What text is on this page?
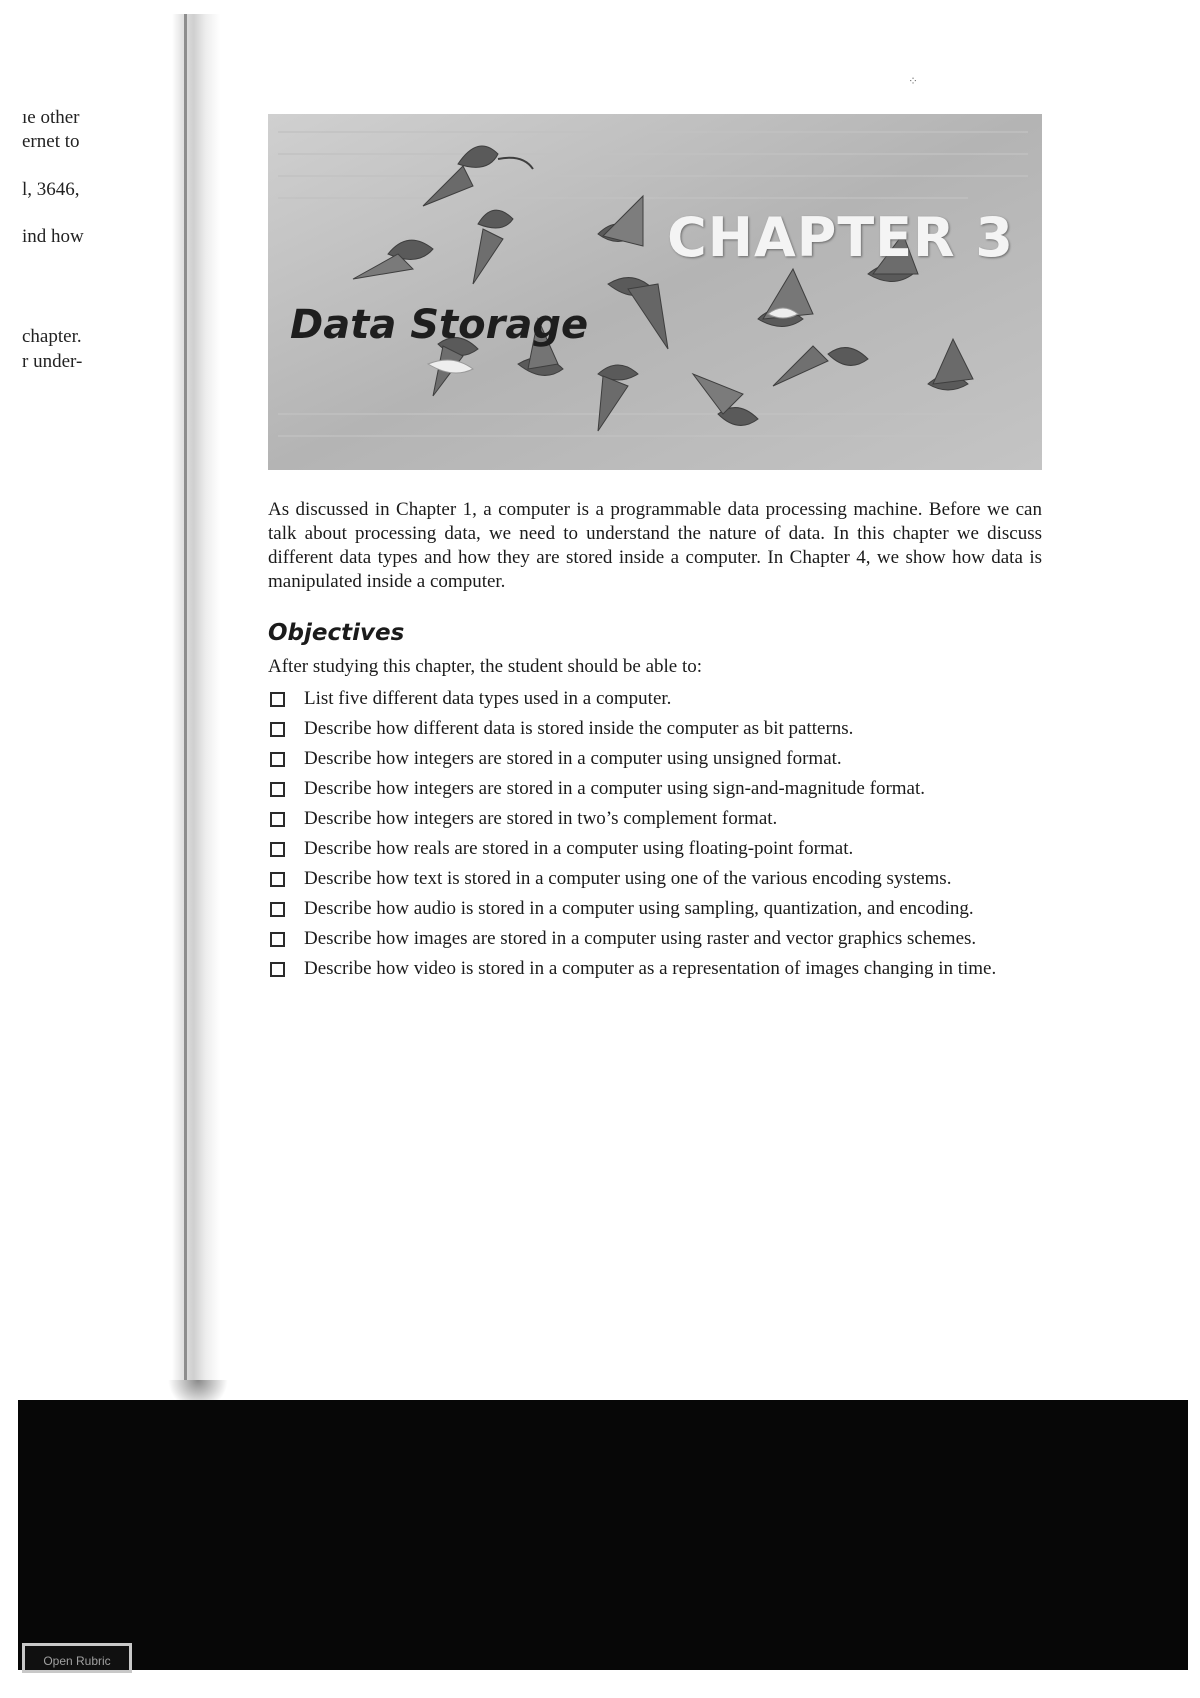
ıe other
ernet to
l, 3646,
ind how
chapter.
r under-
⁘
CHAPTER 3
Data Storage

As discussed in Chapter 1, a computer is a programmable data processing machine. Before we can talk about processing data, we need to understand the nature of data. In this chapter we discuss different data types and how they are stored inside a computer. In Chapter 4, we show how data is manipulated inside a computer.

Objectives
After studying this chapter, the student should be able to:
List five different data types used in a computer.
Describe how different data is stored inside the computer as bit patterns.
Describe how integers are stored in a computer using unsigned format.
Describe how integers are stored in a computer using sign-and-magnitude format.
Describe how integers are stored in two’s complement format.
Describe how reals are stored in a computer using floating-point format.
Describe how text is stored in a computer using one of the various encoding systems.
Describe how audio is stored in a computer using sampling, quantization, and encoding.
Describe how images are stored in a computer using raster and vector graphics schemes.
Describe how video is stored in a computer as a representation of images changing in time.
Open Rubric
